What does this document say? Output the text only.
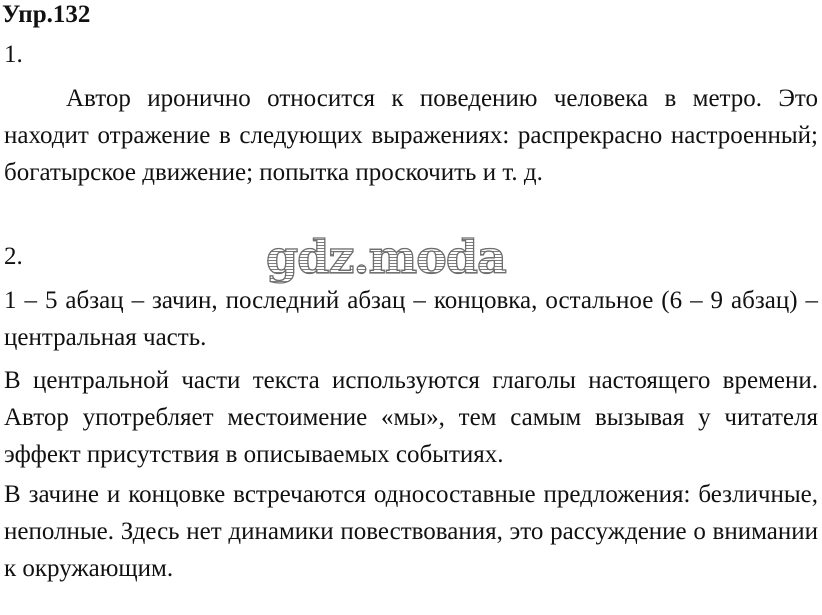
Упр.132

1.

Автор иронично относится к поведению человека в метро. Это находит отражение в следующих выражениях: распрекрасно настроенный; богатырское движение; попытка проскочить и т. д.

gdz.moda

2.

1 – 5 абзац – зачин, последний абзац – концовка, остальное (6 – 9 абзац) – центральная часть.

В центральной части текста используются глаголы настоящего времени. Автор употребляет местоимение «мы», тем самым вызывая у читателя эффект присутствия в описываемых событиях.

В зачине и концовке встречаются односоставные предложения: безличные, неполные. Здесь нет динамики повествования, это рассуждение о внимании к окружающим.
